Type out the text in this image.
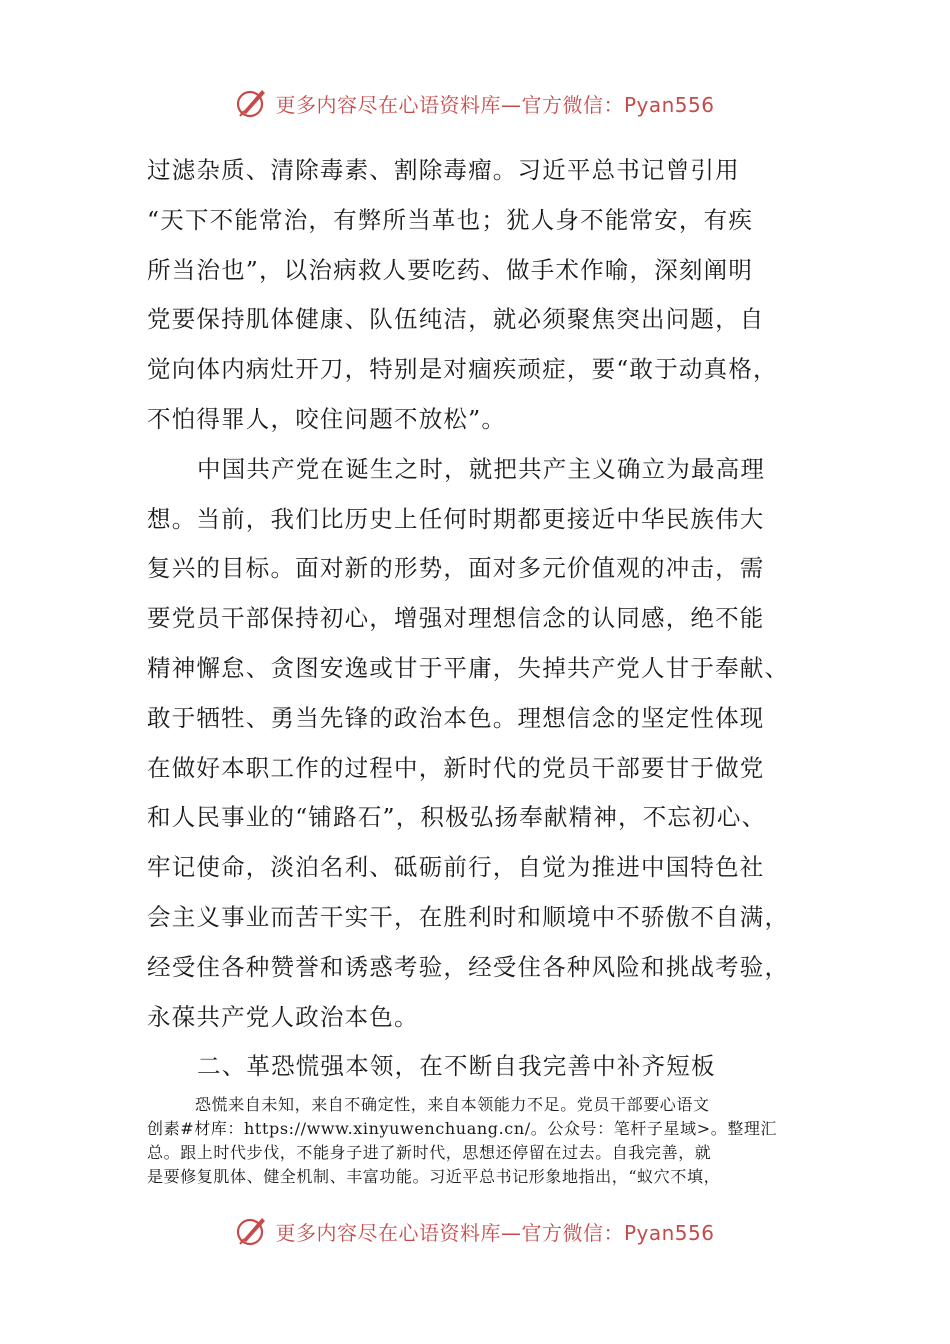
更多内容尽在心语资料库—官方微信：Pyan556
过滤杂质、清除毒素、割除毒瘤。习近平总书记曾引用
“天下不能常治，有弊所当革也；犹人身不能常安，有疾
所当治也”，以治病救人要吃药、做手术作喻，深刻阐明
党要保持肌体健康、队伍纯洁，就必须聚焦突出问题，自
觉向体内病灶开刀，特别是对痼疾顽症，要“敢于动真格，
不怕得罪人，咬住问题不放松”。
中国共产党在诞生之时，就把共产主义确立为最高理
想。当前，我们比历史上任何时期都更接近中华民族伟大
复兴的目标。面对新的形势，面对多元价值观的冲击，需
要党员干部保持初心，增强对理想信念的认同感，绝不能
精神懈怠、贪图安逸或甘于平庸，失掉共产党人甘于奉献、
敢于牺牲、勇当先锋的政治本色。理想信念的坚定性体现
在做好本职工作的过程中，新时代的党员干部要甘于做党
和人民事业的“铺路石”，积极弘扬奉献精神，不忘初心、
牢记使命，淡泊名利、砥砺前行，自觉为推进中国特色社
会主义事业而苦干实干，在胜利时和顺境中不骄傲不自满，
经受住各种赞誉和诱惑考验，经受住各种风险和挑战考验，
永葆共产党人政治本色。
二、革恐慌强本领，在不断自我完善中补齐短板
恐慌来自未知，来自不确定性，来自本领能力不足。党员干部要心语文
创素#材库：https://www.xinyuwenchuang.cn/。公众号：笔杆子星域>。整理汇
总。跟上时代步伐，不能身子进了新时代，思想还停留在过去。自我完善，就
是要修复肌体、健全机制、丰富功能。习近平总书记形象地指出，“蚁穴不填，
更多内容尽在心语资料库—官方微信：Pyan556
